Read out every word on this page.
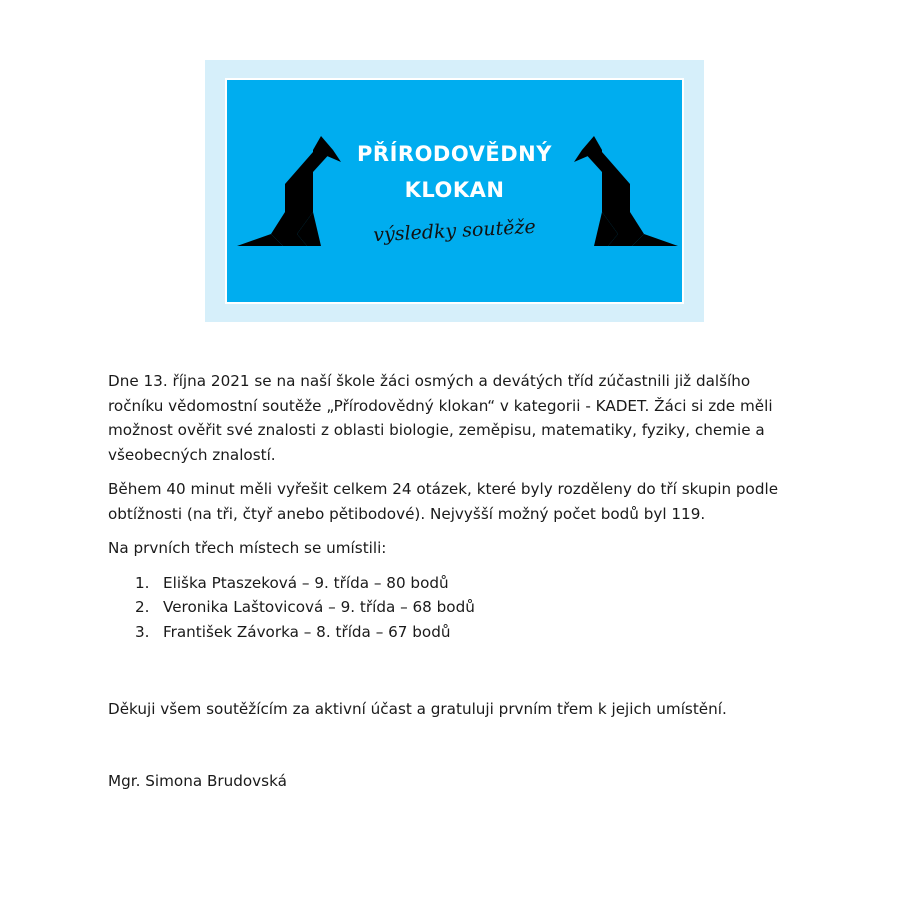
PŘÍRODOVĚDNÝ
KLOKAN
výsledky soutěže

Dne 13. října 2021 se na naší škole žáci osmých a devátých tříd zúčastnili již dalšího ročníku vědomostní soutěže „Přírodovědný klokan“ v kategorii - KADET. Žáci si zde měli možnost ověřit své znalosti z oblasti biologie, zeměpisu, matematiky, fyziky, chemie a všeobecných znalostí.

Během 40 minut měli vyřešit celkem 24 otázek, které byly rozděleny do tří skupin podle obtížnosti (na tři, čtyř anebo pětibodové). Nejvyšší možný počet bodů byl 119.

Na prvních třech místech se umístili:

1. Eliška Ptaszeková – 9. třída – 80 bodů
2. Veronika Laštovicová – 9. třída – 68 bodů
3. František Závorka – 8. třída – 67 bodů

Děkuji všem soutěžícím za aktivní účast a gratuluji prvním třem k jejich umístění.

Mgr. Simona Brudovská
